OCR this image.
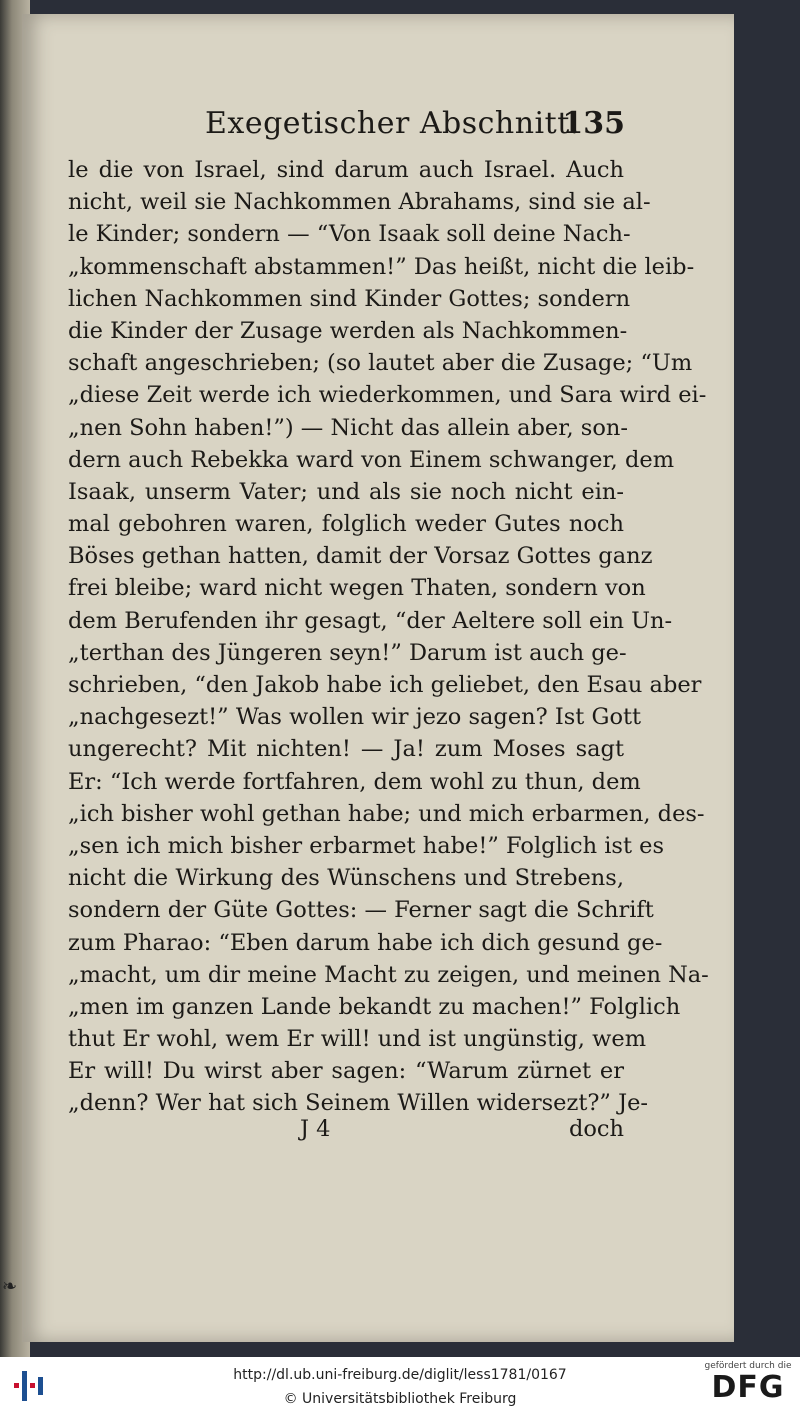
Exegetischer Abschnitt.
135
le die von Israel, sind darum auch Israel. Auch
nicht, weil sie Nachkommen Abrahams, sind sie al-
le Kinder; sondern — “Von Isaak soll deine Nach-
„kommenschaft abstammen!” Das heißt, nicht die leib-
lichen Nachkommen sind Kinder Gottes; sondern
die Kinder der Zusage werden als Nachkommen-
schaft angeschrieben; (so lautet aber die Zusage; “Um
„diese Zeit werde ich wiederkommen, und Sara wird ei-
„nen Sohn haben!”) — Nicht das allein aber, son-
dern auch Rebekka ward von Einem schwanger, dem
Isaak, unserm Vater; und als sie noch nicht ein-
mal gebohren waren, folglich weder Gutes noch
Böses gethan hatten, damit der Vorsaz Gottes ganz
frei bleibe; ward nicht wegen Thaten, sondern von
dem Berufenden ihr gesagt, “der Aeltere soll ein Un-
„terthan des Jüngeren seyn!” Darum ist auch ge-
schrieben, “den Jakob habe ich geliebet, den Esau aber
„nachgesezt!” Was wollen wir jezo sagen? Ist Gott
ungerecht? Mit nichten! — Ja! zum Moses sagt
Er: “Ich werde fortfahren, dem wohl zu thun, dem
„ich bisher wohl gethan habe; und mich erbarmen, des-
„sen ich mich bisher erbarmet habe!” Folglich ist es
nicht die Wirkung des Wünschens und Strebens,
sondern der Güte Gottes: — Ferner sagt die Schrift
zum Pharao: “Eben darum habe ich dich gesund ge-
„macht, um dir meine Macht zu zeigen, und meinen Na-
„men im ganzen Lande bekandt zu machen!” Folglich
thut Er wohl, wem Er will! und ist ungünstig, wem
Er will! Du wirst aber sagen: “Warum zürnet er
„denn? Wer hat sich Seinem Willen widersezt?” Je-
J 4	doch
❧
http://dl.ub.uni-freiburg.de/diglit/less1781/0167
© Universitätsbibliothek Freiburg
gefördert durch die
DFG
